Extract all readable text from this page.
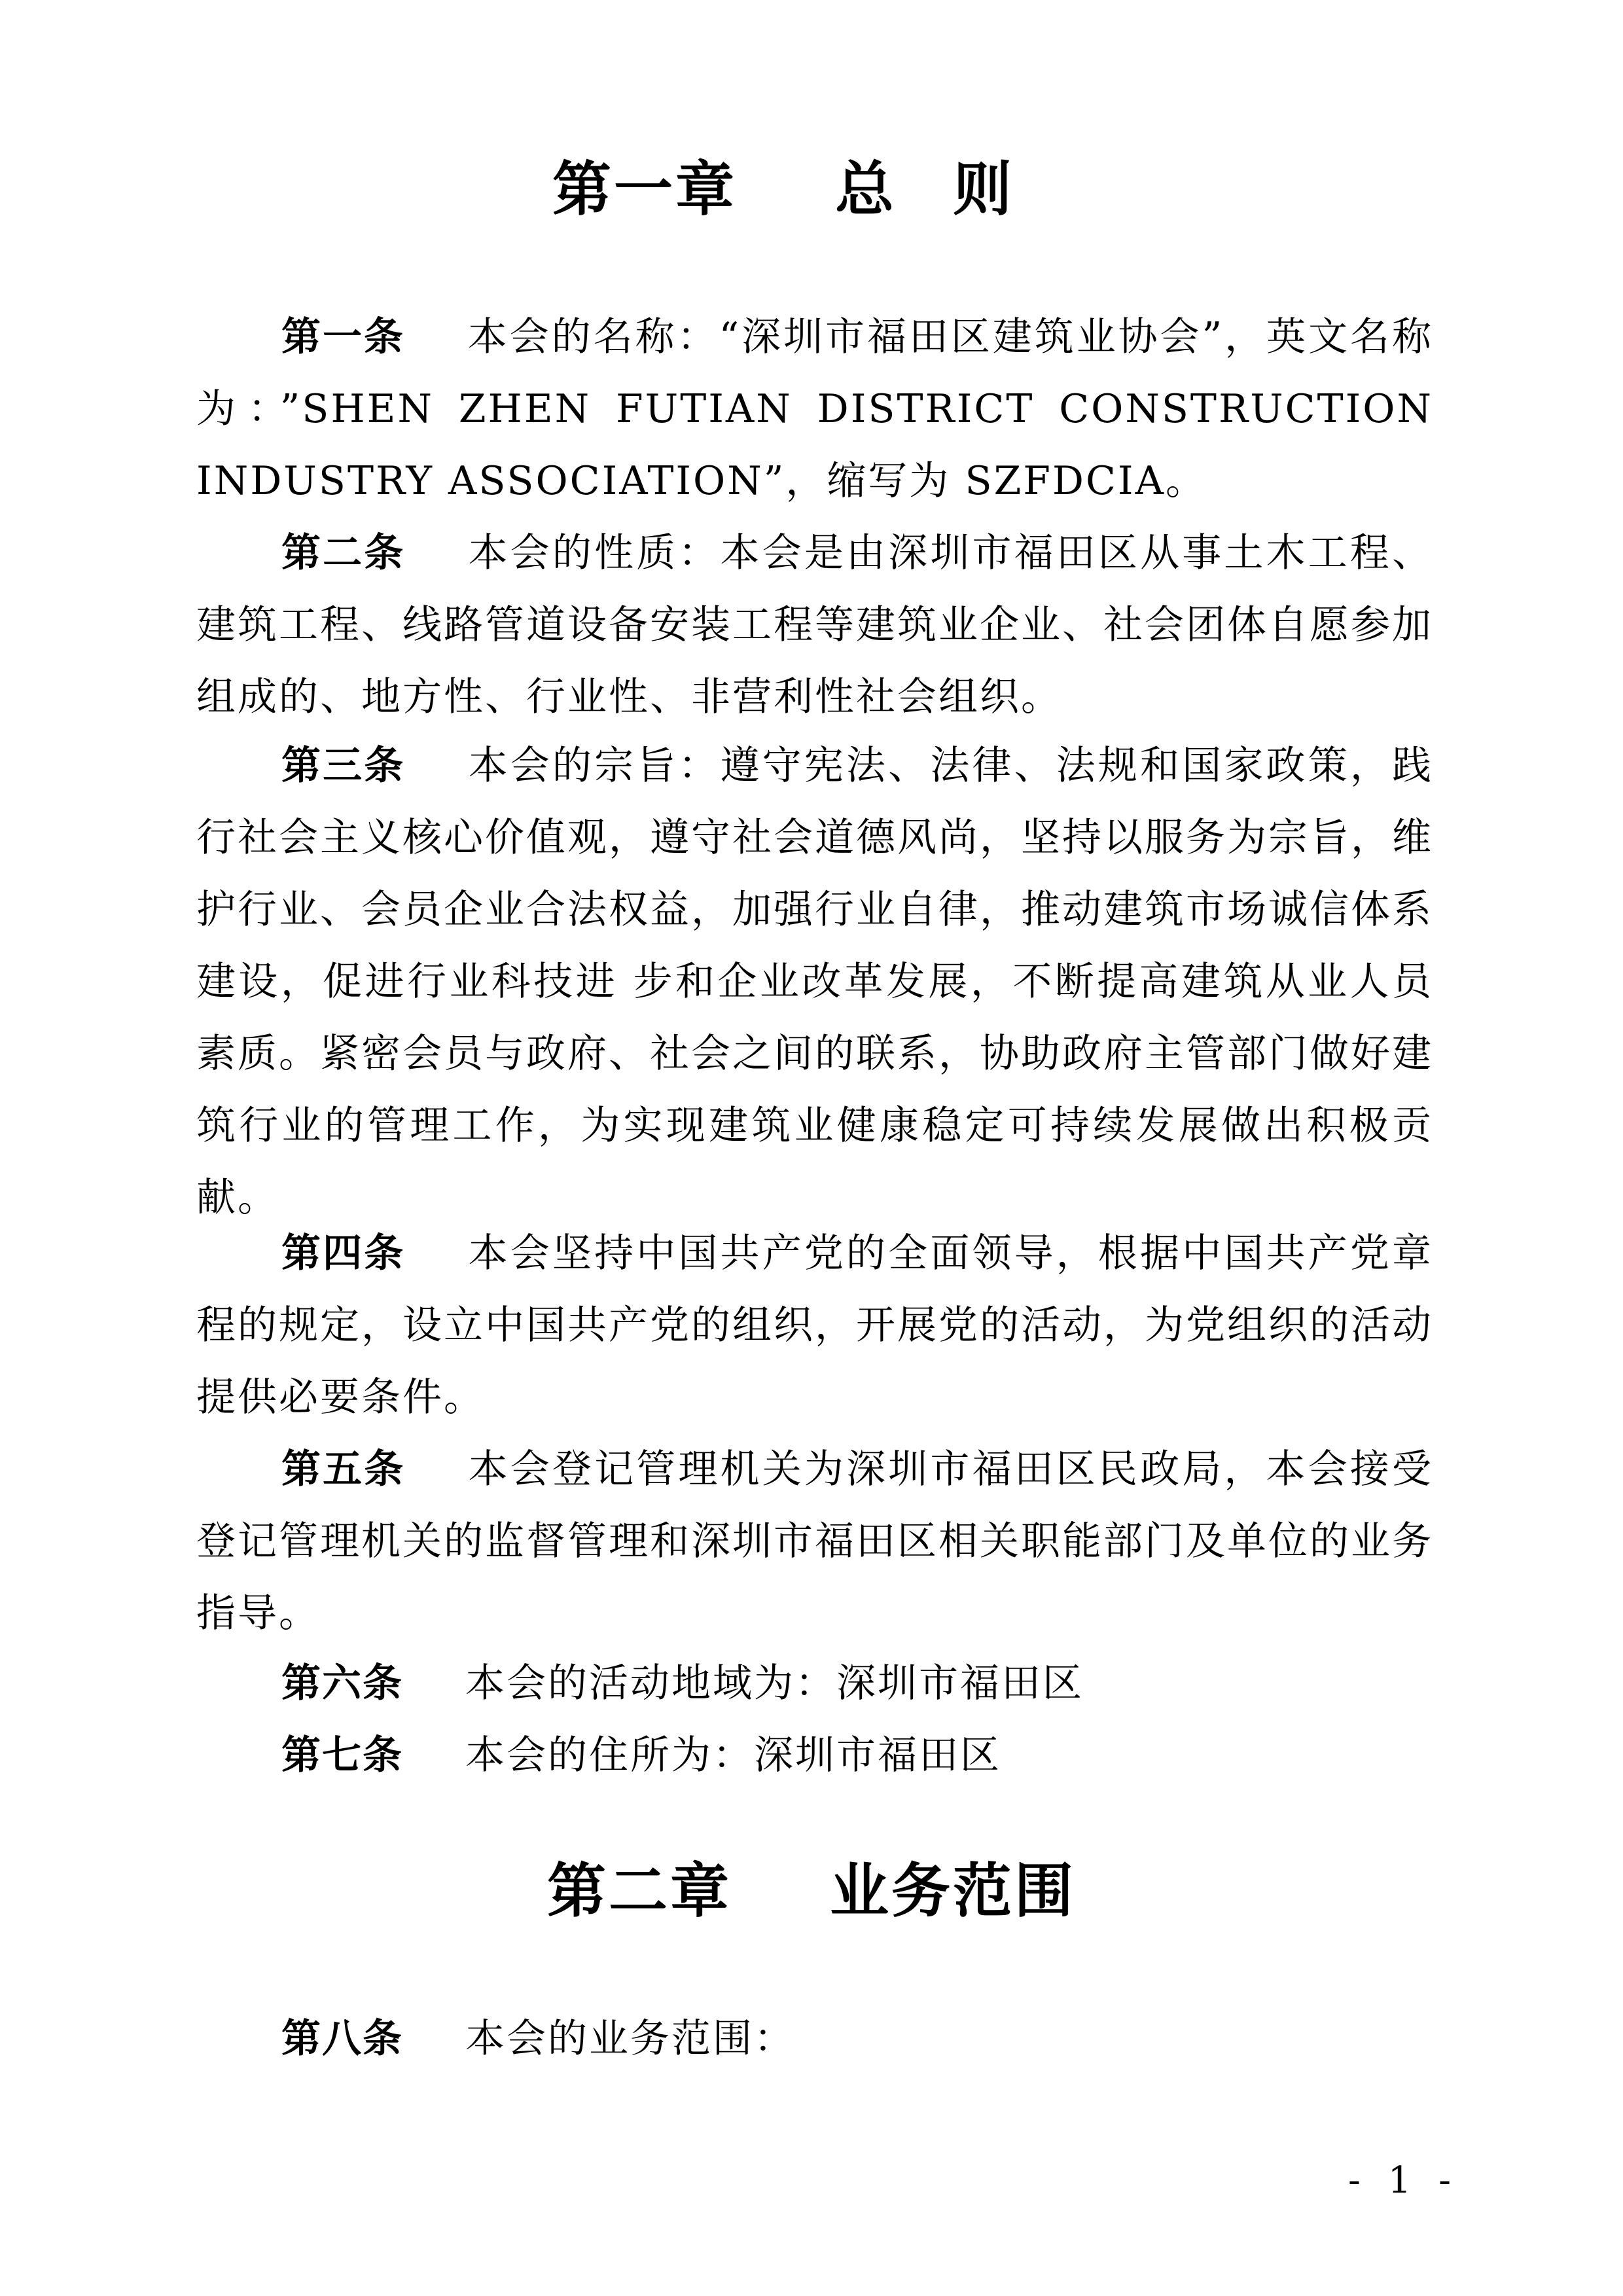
第一章 总则

第一条 本会的名称：“深圳市福田区建筑业协会”，英文名称为：”SHEN ZHEN FUTIAN DISTRICT CONSTRUCTION INDUSTRY ASSOCIATION”，缩写为 SZFDCIA。

第二条 本会的性质：本会是由深圳市福田区从事土木工程、建筑工程、线路管道设备安装工程等建筑业企业、社会团体自愿参加组成的、地方性、行业性、非营利性社会组织。

第三条 本会的宗旨：遵守宪法、法律、法规和国家政策，践行社会主义核心价值观，遵守社会道德风尚，坚持以服务为宗旨，维护行业、会员企业合法权益，加强行业自律，推动建筑市场诚信体系建设，促进行业科技进 步和企业改革发展，不断提高建筑从业人员素质。紧密会员与政府、社会之间的联系，协助政府主管部门做好建筑行业的管理工作，为实现建筑业健康稳定可持续发展做出积极贡献。

第四条 本会坚持中国共产党的全面领导，根据中国共产党章程的规定，设立中国共产党的组织，开展党的活动，为党组织的活动提供必要条件。

第五条 本会登记管理机关为深圳市福田区民政局，本会接受登记管理机关的监督管理和深圳市福田区相关职能部门及单位的业务指导。

第六条 本会的活动地域为：深圳市福田区

第七条 本会的住所为：深圳市福田区

第二章 业务范围

第八条 本会的业务范围：

- 1 -
